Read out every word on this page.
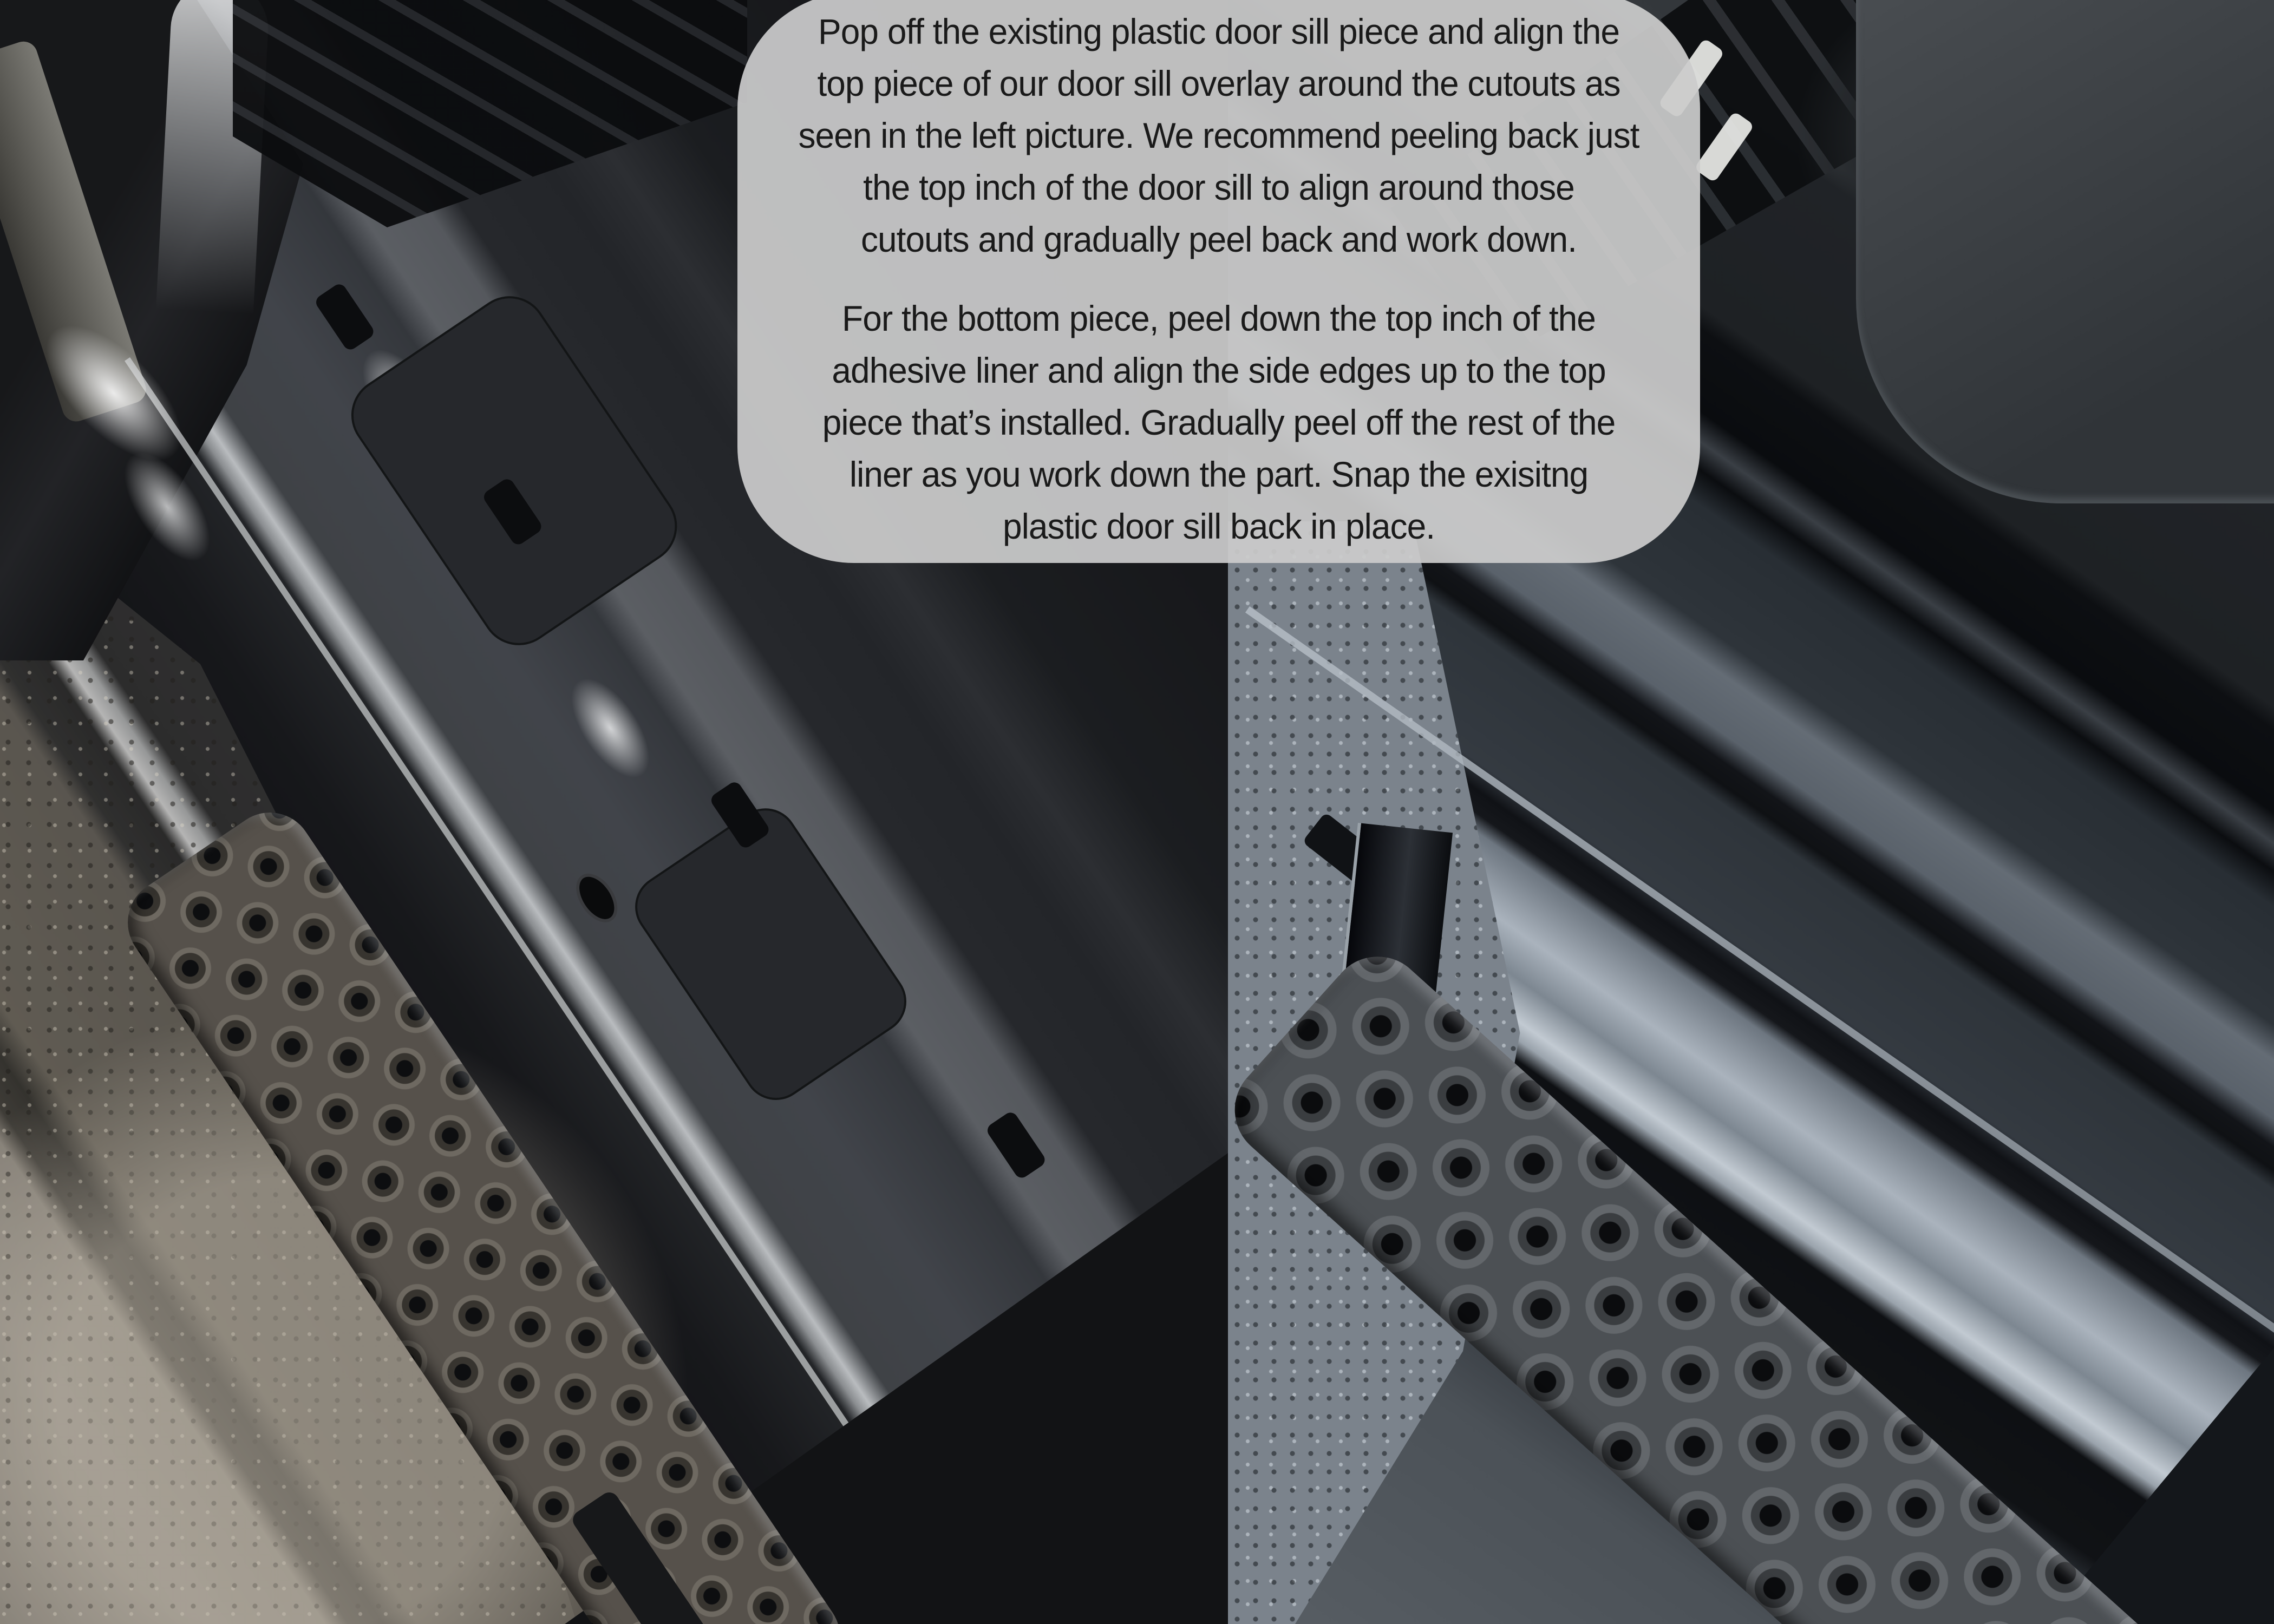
Pop off the existing plastic door sill piece and align the
top piece of our door sill overlay around the cutouts as
seen in the left picture. We recommend peeling back just
the top inch of the door sill to align around those
cutouts and gradually peel back and work down.
For the bottom piece, peel down the top inch of the
adhesive liner and align the side edges up to the top
piece that’s installed. Gradually peel off the rest of the
liner as you work down the part. Snap the exisitng
plastic door sill back in place.
